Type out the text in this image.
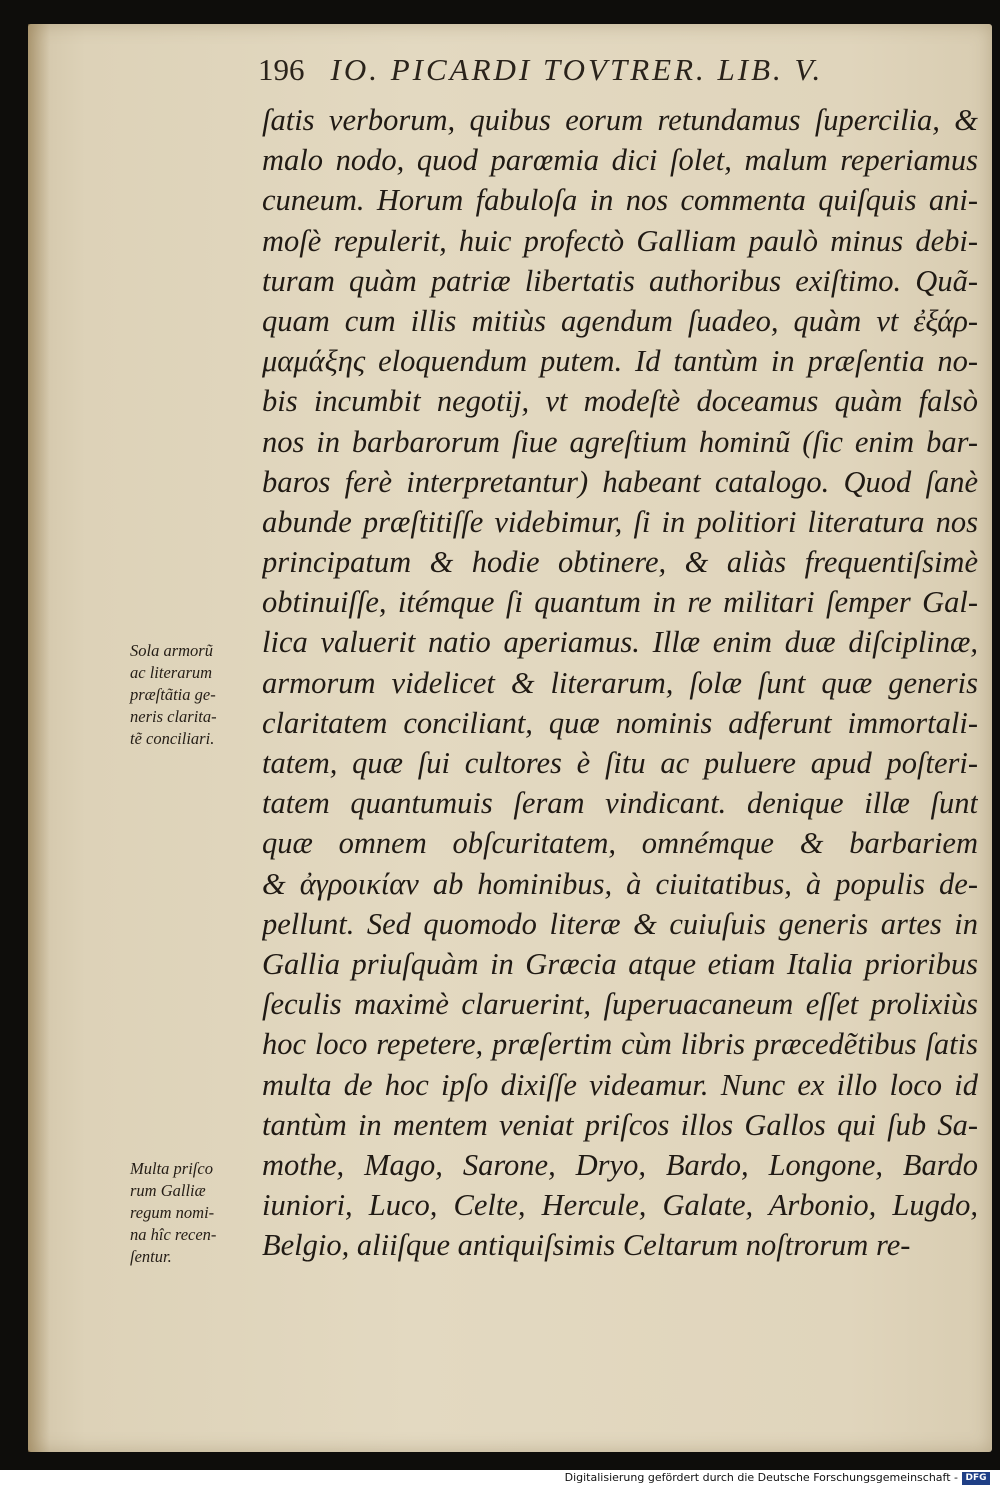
196 IO. PICARDI TOVTRER. LIB. V.
ſatis verborum, quibus eorum retundamus ſupercilia, &
malo nodo, quod parœmia dici ſolet, malum reperiamus
cuneum. Horum fabuloſa in nos commenta quiſquis ani-
moſè repulerit, huic profectò Galliam paulò minus debi-
turam quàm patriæ libertatis authoribus exiſtimo. Quã-
quam cum illis mitiùs agendum ſuadeo, quàm vt ἐξάρ-
μαμάξης eloquendum putem. Id tantùm in præſentia no-
bis incumbit negotij, vt modeſtè doceamus quàm falsò
nos in barbarorum ſiue agreſtium hominũ (ſic enim bar-
baros ferè interpretantur) habeant catalogo. Quod ſanè
abunde præſtitiſſe videbimur, ſi in politiori literatura nos
principatum & hodie obtinere, & aliàs frequentiſsimè
obtinuiſſe, itémque ſi quantum in re militari ſemper Gal-
lica valuerit natio aperiamus. Illæ enim duæ diſciplinæ,
armorum videlicet & literarum, ſolæ ſunt quæ generis
claritatem conciliant, quæ nominis adferunt immortali-
tatem, quæ ſui cultores è ſitu ac puluere apud poſteri-
tatem quantumuis ſeram vindicant. denique illæ ſunt
quæ omnem obſcuritatem, omnémque & barbariem
& ἀγροικίαν ab hominibus, à ciuitatibus, à populis de-
pellunt. Sed quomodo literæ & cuiuſuis generis artes in
Gallia priuſquàm in Græcia atque etiam Italia prioribus
ſeculis maximè claruerint, ſuperuacaneum eſſet prolixiùs
hoc loco repetere, præſertim cùm libris præcedẽtibus ſatis
multa de hoc ipſo dixiſſe videamur. Nunc ex illo loco id
tantùm in mentem veniat priſcos illos Gallos qui ſub Sa-
mothe, Mago, Sarone, Dryo, Bardo, Longone, Bardo
iuniori, Luco, Celte, Hercule, Galate, Arbonio, Lugdo,
Belgio, aliiſque antiquiſsimis Celtarum noſtrorum re-
Sola armorũ
ac literarum
præſtãtia ge-
neris clarita-
tẽ conciliari.
Multa priſco
rum Galliæ
regum nomi-
na hîc recen-
ſentur.
Digitalisierung gefördert durch die Deutsche Forschungsgemeinschaft - DFG
